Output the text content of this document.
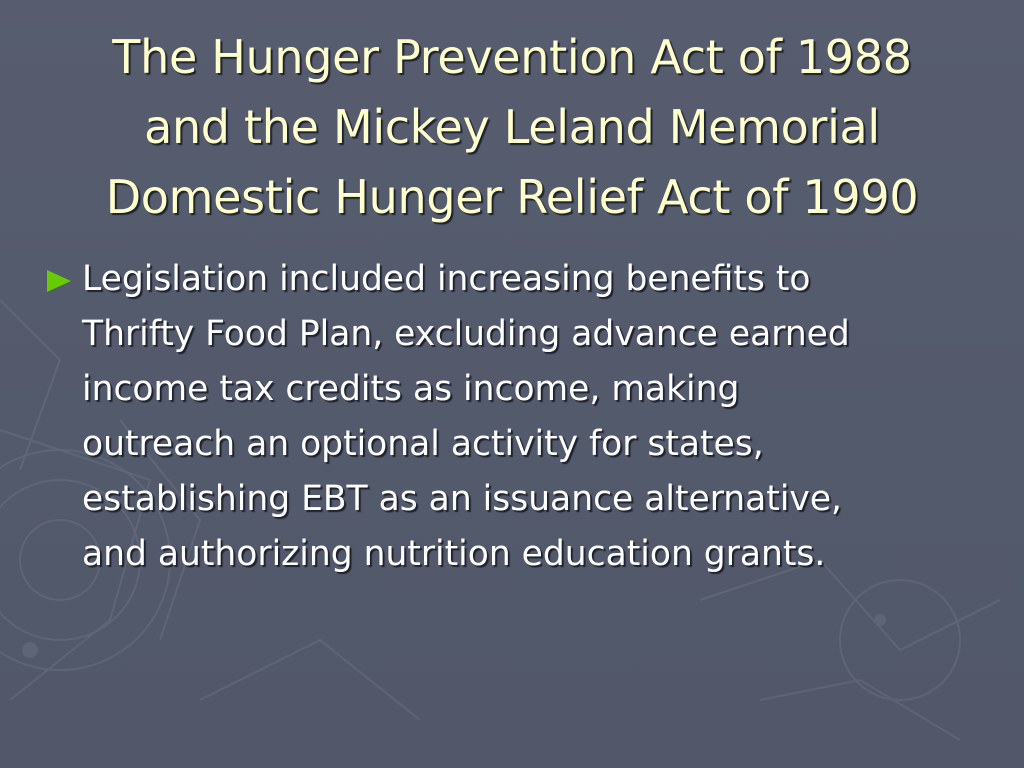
The Hunger Prevention Act of 1988
and the Mickey Leland Memorial
Domestic Hunger Relief Act of 1990

Legislation included increasing benefits to
Thrifty Food Plan, excluding advance earned
income tax credits as income, making
outreach an optional activity for states,
establishing EBT as an issuance alternative,
and authorizing nutrition education grants.
